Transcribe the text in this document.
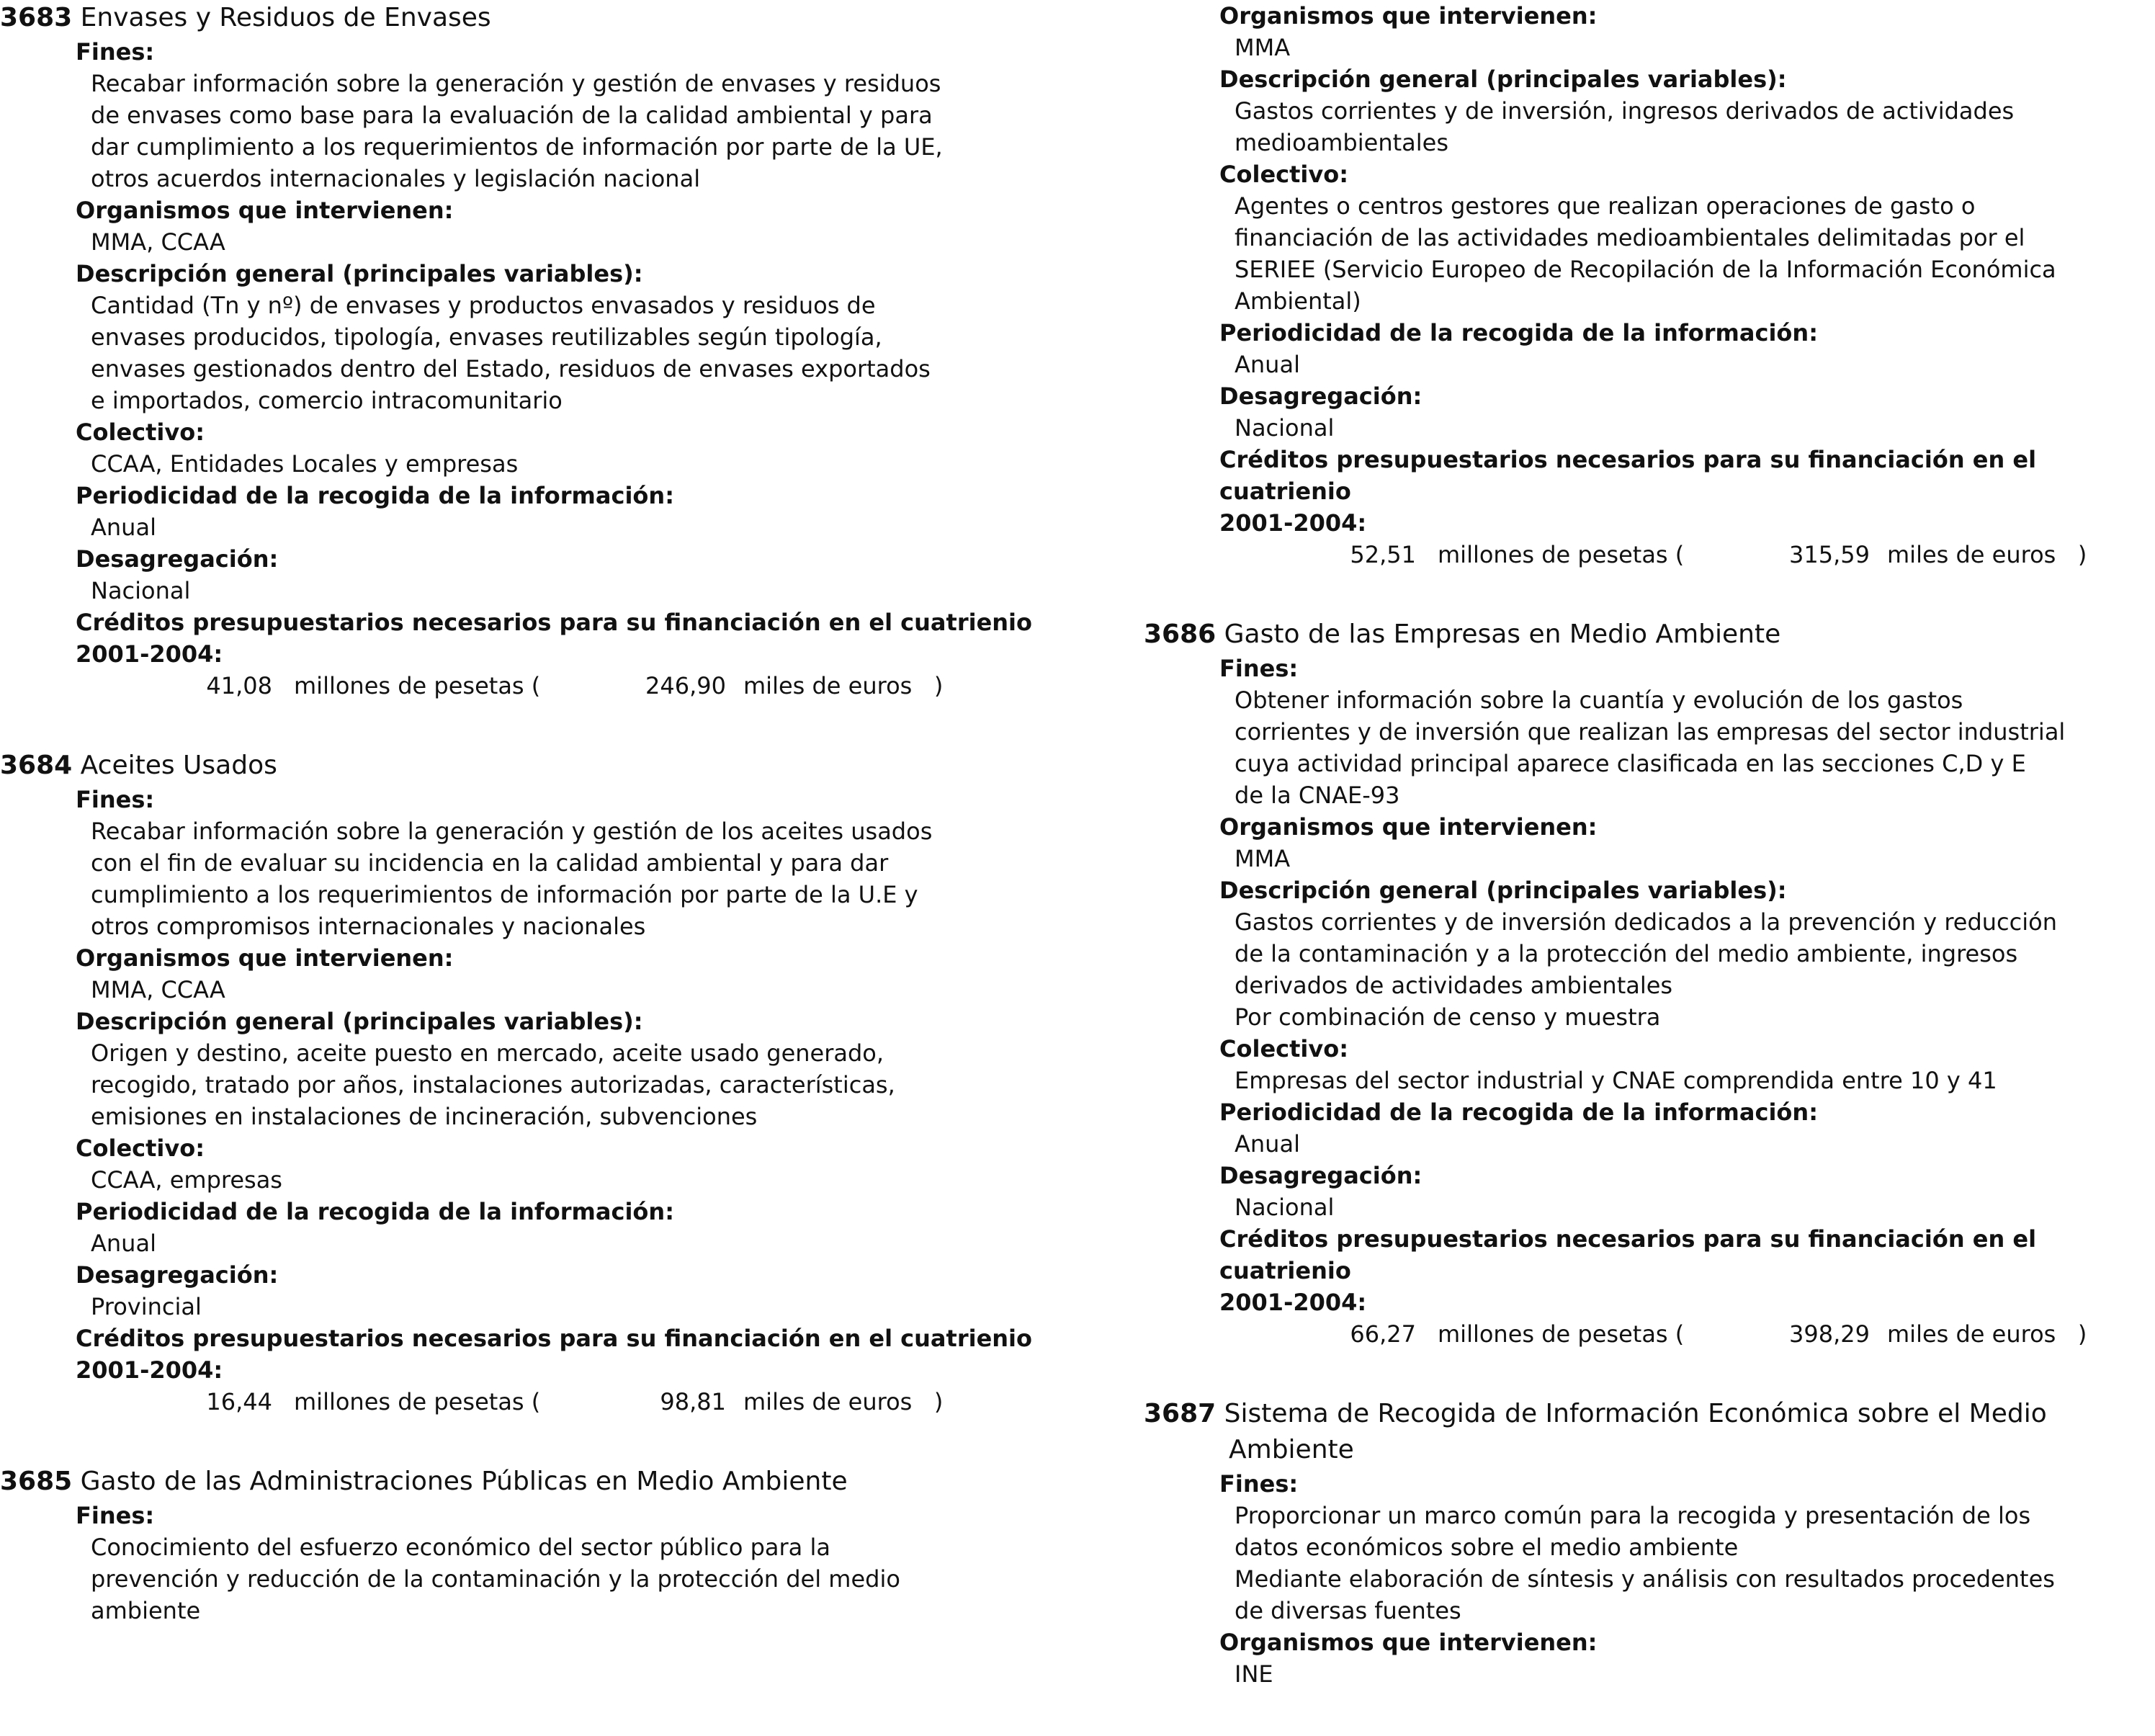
3683 Envases y Residuos de Envases
Fines:
Recabar información sobre la generación y gestión de envases y residuos
de envases como base para la evaluación de la calidad ambiental y para
dar cumplimiento a los requerimientos de información por parte de la UE,
otros acuerdos internacionales y legislación nacional
Organismos que intervienen:
MMA, CCAA
Descripción general (principales variables):
Cantidad (Tn y nº) de envases y productos envasados y residuos de
envases producidos, tipología, envases reutilizables según tipología,
envases gestionados dentro del Estado, residuos de envases exportados
e importados, comercio intracomunitario
Colectivo:
CCAA, Entidades Locales y empresas
Periodicidad de la recogida de la información:
Anual
Desagregación:
Nacional
Créditos presupuestarios necesarios para su financiación en el cuatrienio
2001-2004:
41,08 millones de pesetas (	246,90 miles de euros   )
3684 Aceites Usados
Fines:
Recabar información sobre la generación y gestión de los aceites usados
con el fin de evaluar su incidencia en la calidad ambiental y para dar
cumplimiento a los requerimientos de información por parte de la U.E y
otros compromisos internacionales y nacionales
Organismos que intervienen:
MMA, CCAA
Descripción general (principales variables):
Origen y destino, aceite puesto en mercado, aceite usado generado,
recogido, tratado por años, instalaciones autorizadas, características,
emisiones en instalaciones de incineración, subvenciones
Colectivo:
CCAA, empresas
Periodicidad de la recogida de la información:
Anual
Desagregación:
Provincial
Créditos presupuestarios necesarios para su financiación en el cuatrienio
2001-2004:
16,44 millones de pesetas (	98,81 miles de euros   )
3685 Gasto de las Administraciones Públicas en Medio Ambiente
Fines:
Conocimiento del esfuerzo económico del sector público para la
prevención y reducción de la contaminación y la protección del medio
ambiente
Organismos que intervienen:
MMA
Descripción general (principales variables):
Gastos corrientes y de inversión, ingresos derivados de actividades
medioambientales
Colectivo:
Agentes o centros gestores que realizan operaciones de gasto o
financiación de las actividades medioambientales delimitadas por el
SERIEE (Servicio Europeo de Recopilación de la Información Económica
Ambiental)
Periodicidad de la recogida de la información:
Anual
Desagregación:
Nacional
Créditos presupuestarios necesarios para su financiación en el cuatrienio
2001-2004:
52,51 millones de pesetas (	315,59 miles de euros   )
3686 Gasto de las Empresas en Medio Ambiente
Fines:
Obtener información sobre la cuantía y evolución de los gastos
corrientes y de inversión que realizan las empresas del sector industrial
cuya actividad principal aparece clasificada en las secciones C,D y E
de la CNAE-93
Organismos que intervienen:
MMA
Descripción general (principales variables):
Gastos corrientes y de inversión dedicados a la prevención y reducción
de la contaminación y a la protección del medio ambiente, ingresos
derivados de actividades ambientales
Por combinación de censo y muestra
Colectivo:
Empresas del sector industrial y CNAE comprendida entre 10 y 41
Periodicidad de la recogida de la información:
Anual
Desagregación:
Nacional
Créditos presupuestarios necesarios para su financiación en el cuatrienio
2001-2004:
66,27 millones de pesetas (	398,29 miles de euros   )
3687 Sistema de Recogida de Información Económica sobre el Medio
Ambiente
Fines:
Proporcionar un marco común para la recogida y presentación de los
datos económicos sobre el medio ambiente
Mediante elaboración de síntesis y análisis con resultados procedentes
de diversas fuentes
Organismos que intervienen:
INE
